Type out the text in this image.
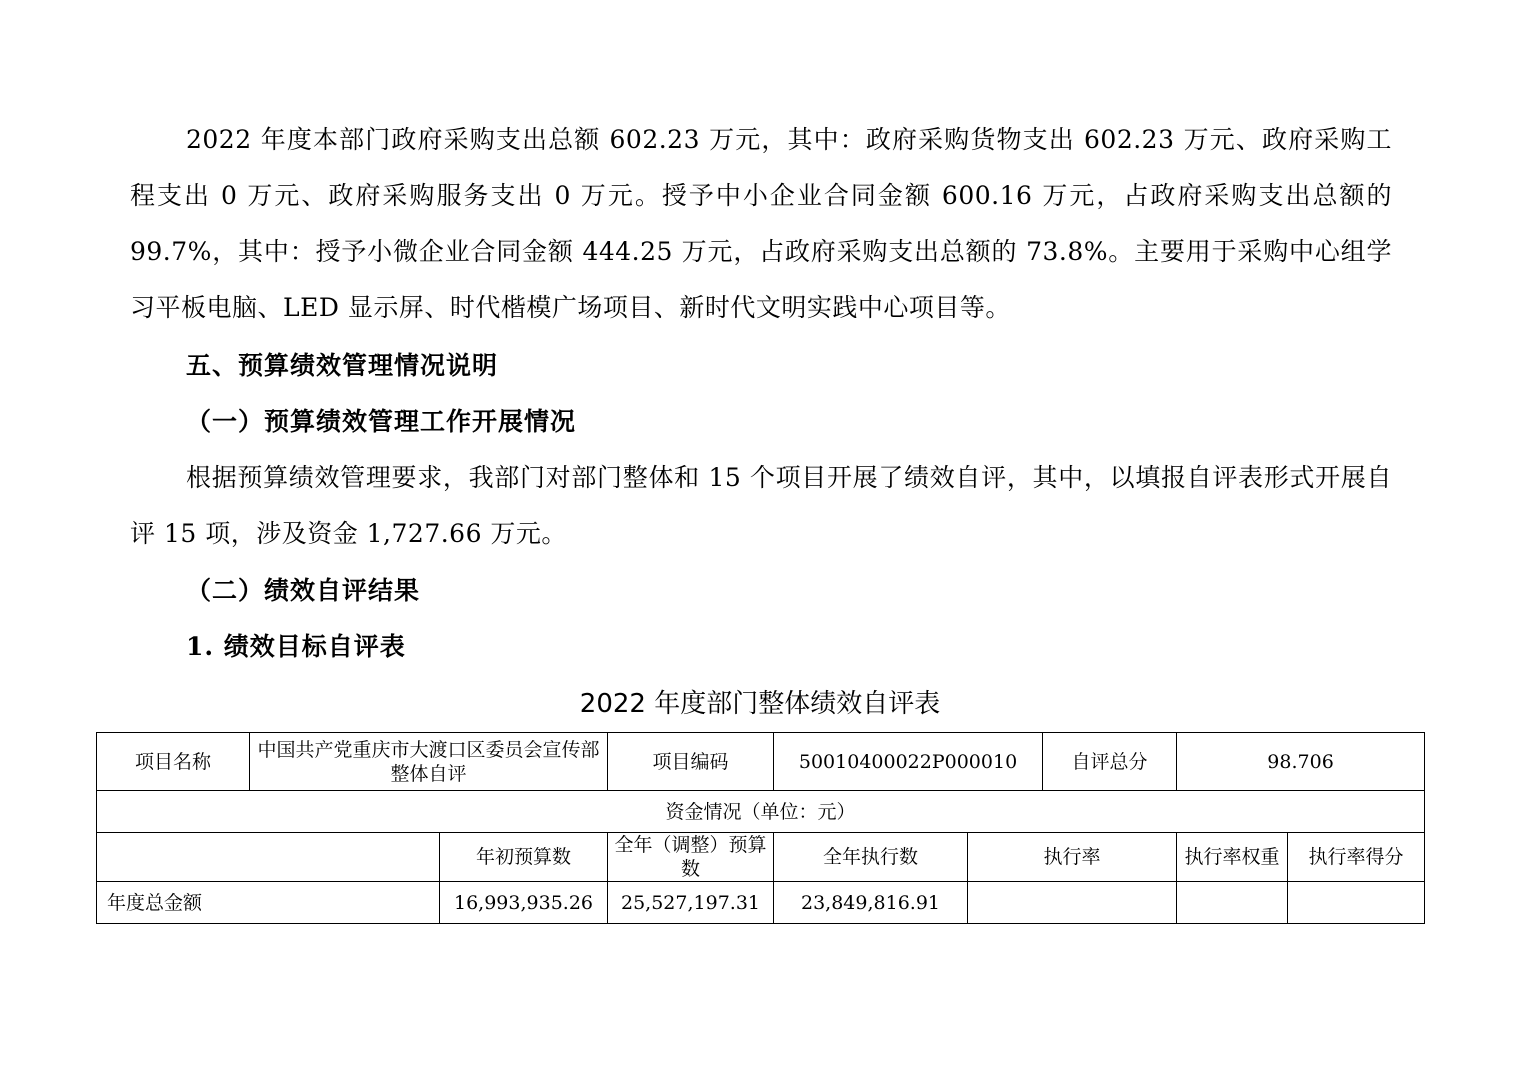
2022 年度本部门政府采购支出总额 602.23 万元，其中：政府采购货物支出 602.23 万元、政府采购工程支出 0 万元、政府采购服务支出 0 万元。授予中小企业合同金额 600.16 万元，占政府采购支出总额的 99.7%，其中：授予小微企业合同金额 444.25 万元，占政府采购支出总额的 73.8%。主要用于采购中心组学习平板电脑、LED 显示屏、时代楷模广场项目、新时代文明实践中心项目等。
五、预算绩效管理情况说明
（一）预算绩效管理工作开展情况
根据预算绩效管理要求，我部门对部门整体和 15 个项目开展了绩效自评，其中，以填报自评表形式开展自评 15 项，涉及资金 1,727.66 万元。
（二）绩效自评结果
1. 绩效目标自评表
2022 年度部门整体绩效自评表
项目名称	中国共产党重庆市大渡口区委员会宣传部整体自评		项目编码	50010400022P000010		自评总分	98.706	
资金情况（单位：元）								
		年初预算数	全年（调整）预算数	全年执行数	执行率		执行率权重	执行率得分
年度总金额		16,993,935.26	25,527,197.31	23,849,816.91				
